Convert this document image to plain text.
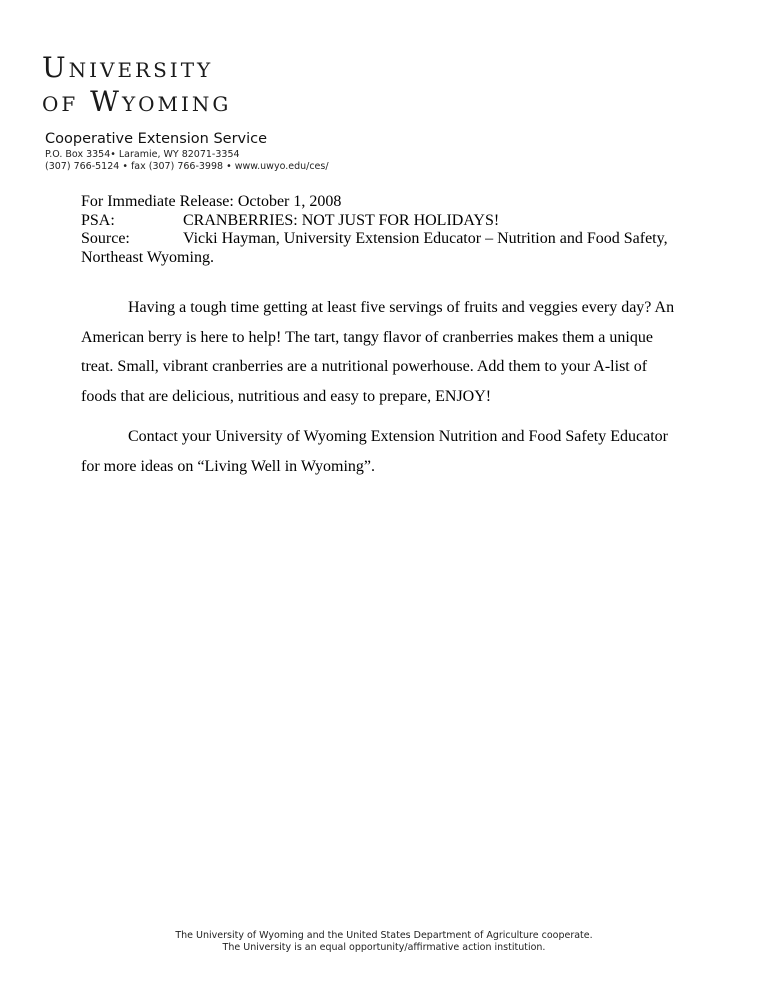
University
of Wyoming
Cooperative Extension Service
P.O. Box 3354• Laramie, WY 82071-3354
(307) 766-5124 • fax (307) 766-3998 • www.uwyo.edu/ces/
For Immediate Release: October 1, 2008
PSA:	CRANBERRIES: NOT JUST FOR HOLIDAYS!
Source:	Vicki Hayman, University Extension Educator – Nutrition and Food Safety, Northeast Wyoming.

Having a tough time getting at least five servings of fruits and veggies every day? An American berry is here to help! The tart, tangy flavor of cranberries makes them a unique treat. Small, vibrant cranberries are a nutritional powerhouse. Add them to your A-list of foods that are delicious, nutritious and easy to prepare, ENJOY!

Contact your University of Wyoming Extension Nutrition and Food Safety Educator for more ideas on “Living Well in Wyoming”.

The University of Wyoming and the United States Department of Agriculture cooperate.
The University is an equal opportunity/affirmative action institution.
